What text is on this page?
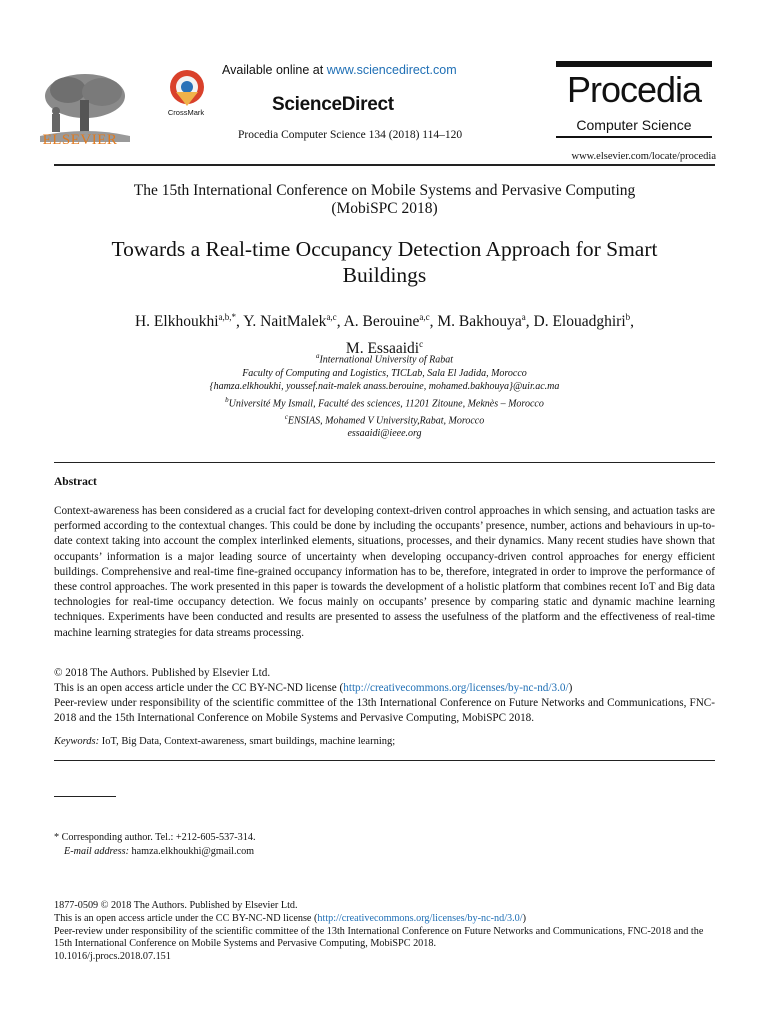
ELSEVIER
CrossMark
Available online at www.sciencedirect.com
ScienceDirect
Procedia Computer Science 134 (2018) 114–120
Procedia
Computer Science
www.elsevier.com/locate/procedia
The 15th International Conference on Mobile Systems and Pervasive Computing
(MobiSPC 2018)
Towards a Real-time Occupancy Detection Approach for Smart
Buildings
H. Elkhoukhi$^{a,b,*}$, Y. NaitMalek$^{a,c}$, A. Berouine$^{a,c}$, M. Bakhouya$^a$, D. Elouadghiri$^b$,
M. Essaaidi$^c$
$^a$International University of Rabat
Faculty of Computing and Logistics, TICLab, Sala El Jadida, Morocco
{hamza.elkhoukhi, youssef.nait-malek anass.berouine, mohamed.bakhouya}@uir.ac.ma
$^b$Université My Ismail, Faculté des sciences, 11201 Zitoune, Meknès – Morocco
$^c$ENSIAS, Mohamed V University,Rabat, Morocco
essaaidi@ieee.org
Abstract
Context-awareness has been considered as a crucial fact for developing context-driven control approaches in which sensing, and actuation tasks are performed according to the contextual changes. This could be done by including the occupants’ presence, number, actions and behaviours in up-to-date context taking into account the complex interlinked elements, situations, processes, and their dynamics. Many recent studies have shown that occupants’ information is a major leading source of uncertainty when developing occupancy-driven control approaches for energy efficient buildings. Comprehensive and real-time fine-grained occupancy information has to be, therefore, integrated in order to improve the performance of these control approaches. The work presented in this paper is towards the development of a holistic platform that combines recent IoT and Big data technologies for real-time occupancy detection. We focus mainly on occupants’ presence by comparing static and dynamic machine learning techniques. Experiments have been conducted and results are presented to assess the usefulness of the platform and the effectiveness of real-time machine learning strategies for data streams processing.
© 2018 The Authors. Published by Elsevier Ltd.
This is an open access article under the CC BY-NC-ND license (http://creativecommons.org/licenses/by-nc-nd/3.0/)
Peer-review under responsibility of the scientific committee of the 13th International Conference on Future Networks and Communications, FNC-2018 and the 15th International Conference on Mobile Systems and Pervasive Computing, MobiSPC 2018.
Keywords: IoT, Big Data, Context-awareness, smart buildings, machine learning;
* Corresponding author. Tel.: +212-605-537-314.
E-mail address: hamza.elkhoukhi@gmail.com
1877-0509 © 2018 The Authors. Published by Elsevier Ltd.
This is an open access article under the CC BY-NC-ND license (http://creativecommons.org/licenses/by-nc-nd/3.0/)
Peer-review under responsibility of the scientific committee of the 13th International Conference on Future Networks and Communications, FNC-2018 and the 15th International Conference on Mobile Systems and Pervasive Computing, MobiSPC 2018.
10.1016/j.procs.2018.07.151
